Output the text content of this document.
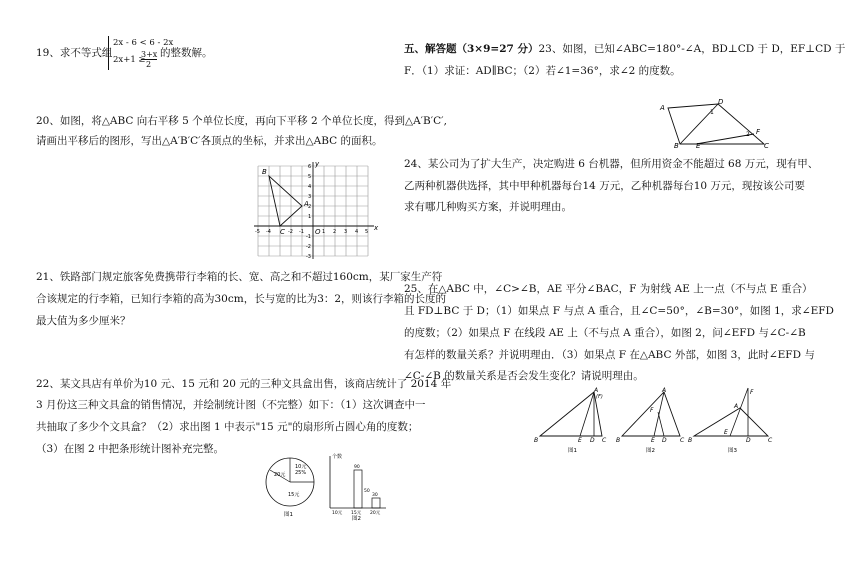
19、求不等式组
2x - 6 < 6 - 2x
2x+1 ≥
3+x
2
的整数解。
20、如图，将△ABC 向右平移 5 个单位长度，再向下平移 2 个单位长度，得到△A′B′C′,
请画出平移后的图形，写出△A′B′C′各顶点的坐标，并求出△ABC 的面积。
B
A
C	O	x
y
-5 -4	-2 -1	1 2 3 4 5
6
5
4
3
2
1
-1
-2
-3
21、铁路部门规定旅客免费携带行李箱的长、宽、高之和不超过160cm，某厂家生产符
合该规定的行李箱，已知行李箱的高为30cm，长与宽的比为3：2，则该行李箱的长度的
最大值为多少厘米？
22、某文具店有单价为10 元、15 元和 20 元的三种文具盒出售，该商店统计了 2014 年
3 月份这三种文具盒的销售情况，并绘制统计图（不完整）如下：（1）这次调查中一
共抽取了多少个文具盒？（2）求出图 1 中表示"15 元"的扇形所占圆心角的度数；
（3）在图 2 中把条形统计图补充完整。
10元
25%
20元
15元
图1
个数
90
50
30
10元 15元 20元
图2
五、解答题（3×9=27 分）23、如图，已知∠ABC=180°-∠A，BD⊥CD 于 D，EF⊥CD 于
F．（1）求证：AD∥BC；（2）若∠1=36°，求∠2 的度数。
A
D
B	C
E
F
1
2
24、某公司为了扩大生产，决定购进 6 台机器，但所用资金不能超过 68 万元，现有甲、
乙两种机器供选择，其中甲种机器每台14 万元，乙种机器每台10 万元，现按该公司要
求有哪几种购买方案，并说明理由。
25、在△ABC 中，∠C>∠B，AE 平分∠BAC，F 为射线 AE 上一点（不与点 E 重合）
且 FD⊥BC 于 D；（1）如果点 F 与点 A 重合，且∠C=50°，∠B=30°，如图 1，求∠EFD
的度数；（2）如果点 F 在线段 AE 上（不与点 A 重合），如图 2，问∠EFD 与∠C-∠B
有怎样的数量关系？并说明理由．（3）如果点 F 在△ABC 外部，如图 3，此时∠EFD 与
∠C-∠B 的数量关系是否会发生变化？请说明理由。
A
(F)
B	E D C
图1
A
F
B	E D C
图2
A
F
B
E
D	C
图3
